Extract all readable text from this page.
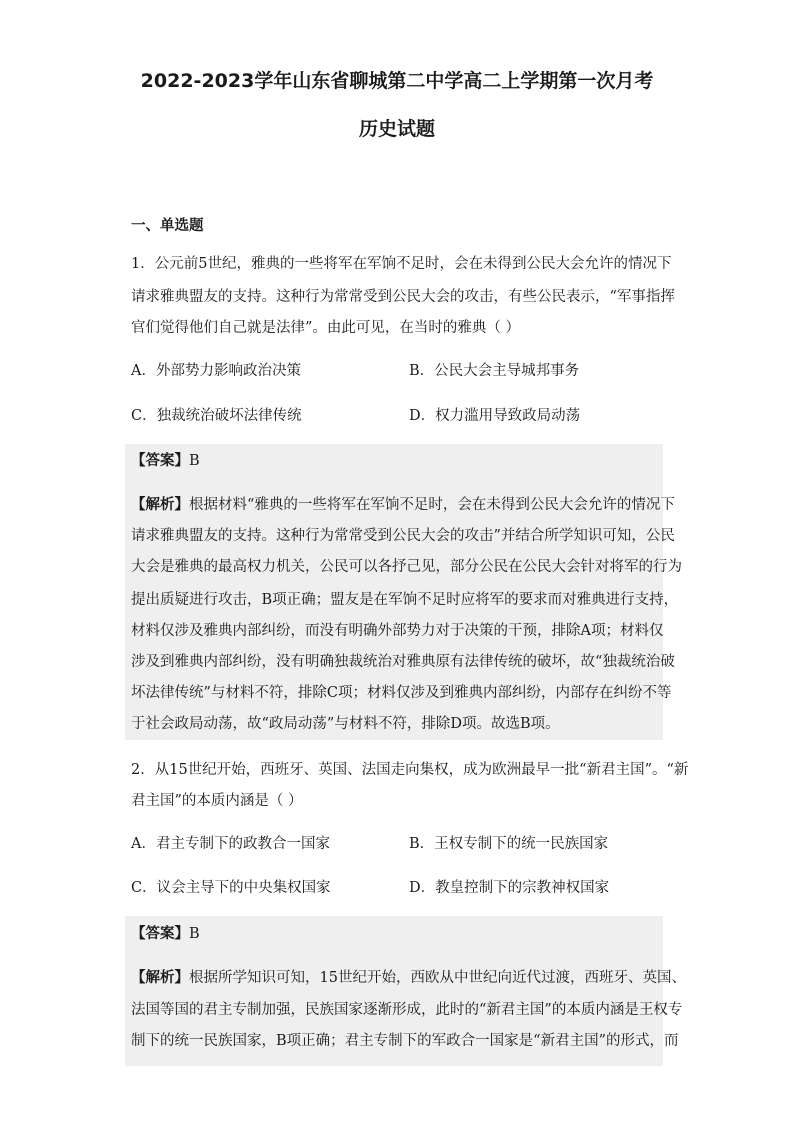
2022-2023学年山东省聊城第二中学高二上学期第一次月考
历史试题
一、单选题
1．公元前5世纪，雅典的一些将军在军饷不足时，会在未得到公民大会允许的情况下
请求雅典盟友的支持。这种行为常常受到公民大会的攻击，有些公民表示，“军事指挥
官们觉得他们自己就是法律”。由此可见，在当时的雅典（ ）
A．外部势力影响政治决策	B．公民大会主导城邦事务
C．独裁统治破坏法律传统	D．权力滥用导致政局动荡
【答案】B
【解析】根据材料“雅典的一些将军在军饷不足时，会在未得到公民大会允许的情况下
请求雅典盟友的支持。这种行为常常受到公民大会的攻击”并结合所学知识可知，公民
大会是雅典的最高权力机关，公民可以各抒己见，部分公民在公民大会针对将军的行为
提出质疑进行攻击，B项正确；盟友是在军饷不足时应将军的要求而对雅典进行支持，
材料仅涉及雅典内部纠纷，而没有明确外部势力对于决策的干预，排除A项；材料仅
涉及到雅典内部纠纷，没有明确独裁统治对雅典原有法律传统的破坏，故“独裁统治破
坏法律传统”与材料不符，排除C项；材料仅涉及到雅典内部纠纷，内部存在纠纷不等
于社会政局动荡，故“政局动荡”与材料不符，排除D项。故选B项。
2．从15世纪开始，西班牙、英国、法国走向集权，成为欧洲最早一批“新君主国”。“新
君主国”的本质内涵是（ ）
A．君主专制下的政教合一国家	B．王权专制下的统一民族国家
C．议会主导下的中央集权国家	D．教皇控制下的宗教神权国家
【答案】B
【解析】根据所学知识可知，15世纪开始，西欧从中世纪向近代过渡，西班牙、英国、
法国等国的君主专制加强，民族国家逐渐形成，此时的“新君主国”的本质内涵是王权专
制下的统一民族国家，B项正确；君主专制下的军政合一国家是“新君主国”的形式，而
